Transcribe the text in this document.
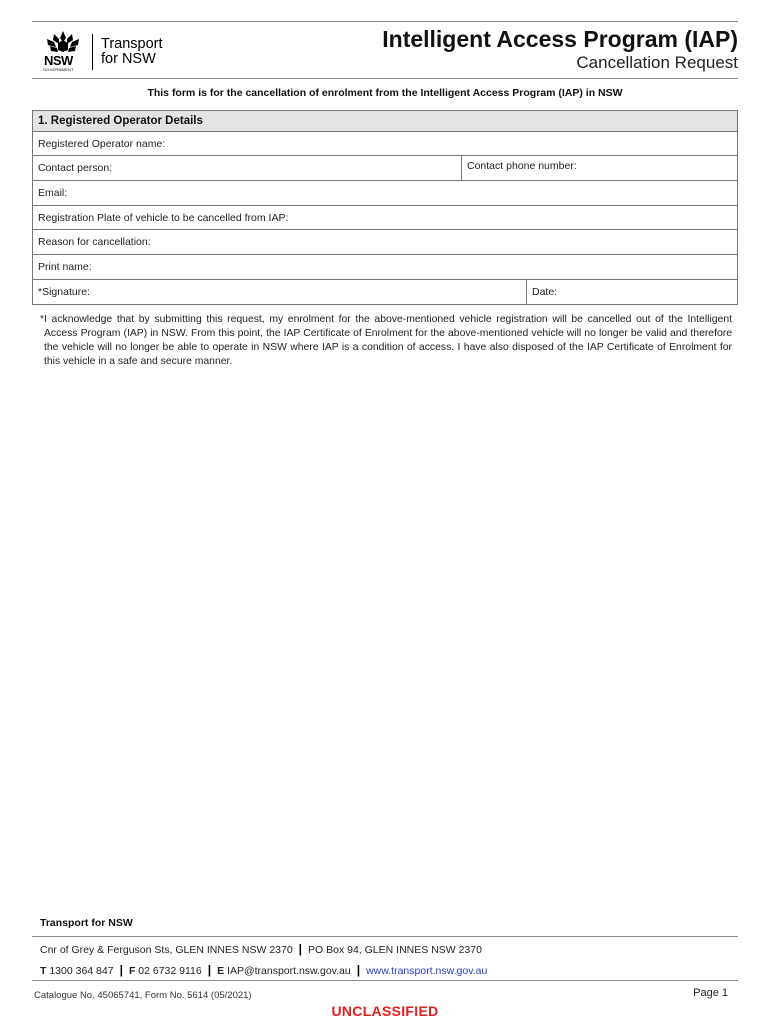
NSW
GOVERNMENT
Transport
for NSW
Intelligent Access Program (IAP)
Cancellation Request
This form is for the cancellation of enrolment from the Intelligent Access Program (IAP) in NSW
1. Registered Operator Details
Registered Operator name:
Contact person:	Contact phone number:
Email:
Registration Plate of vehicle to be cancelled from IAP:
Reason for cancellation:
Print name:
*Signature:	Date:
*I acknowledge that by submitting this request, my enrolment for the above-mentioned vehicle registration will be cancelled out of the Intelligent Access Program (IAP) in NSW. From this point, the IAP Certificate of Enrolment for the above-mentioned vehicle will no longer be valid and therefore the vehicle will no longer be able to operate in NSW where IAP is a condition of access. I have also disposed of the IAP Certificate of Enrolment for this vehicle in a safe and secure manner.
Transport for NSW
Cnr of Grey & Ferguson Sts, GLEN INNES NSW 2370 | PO Box 94, GLEN INNES NSW 2370
T 1300 364 847 | F 02 6732 9116 | E IAP@transport.nsw.gov.au | www.transport.nsw.gov.au
Catalogue No. 45065741, Form No. 5614 (05/2021)	Page 1
UNCLASSIFIED
